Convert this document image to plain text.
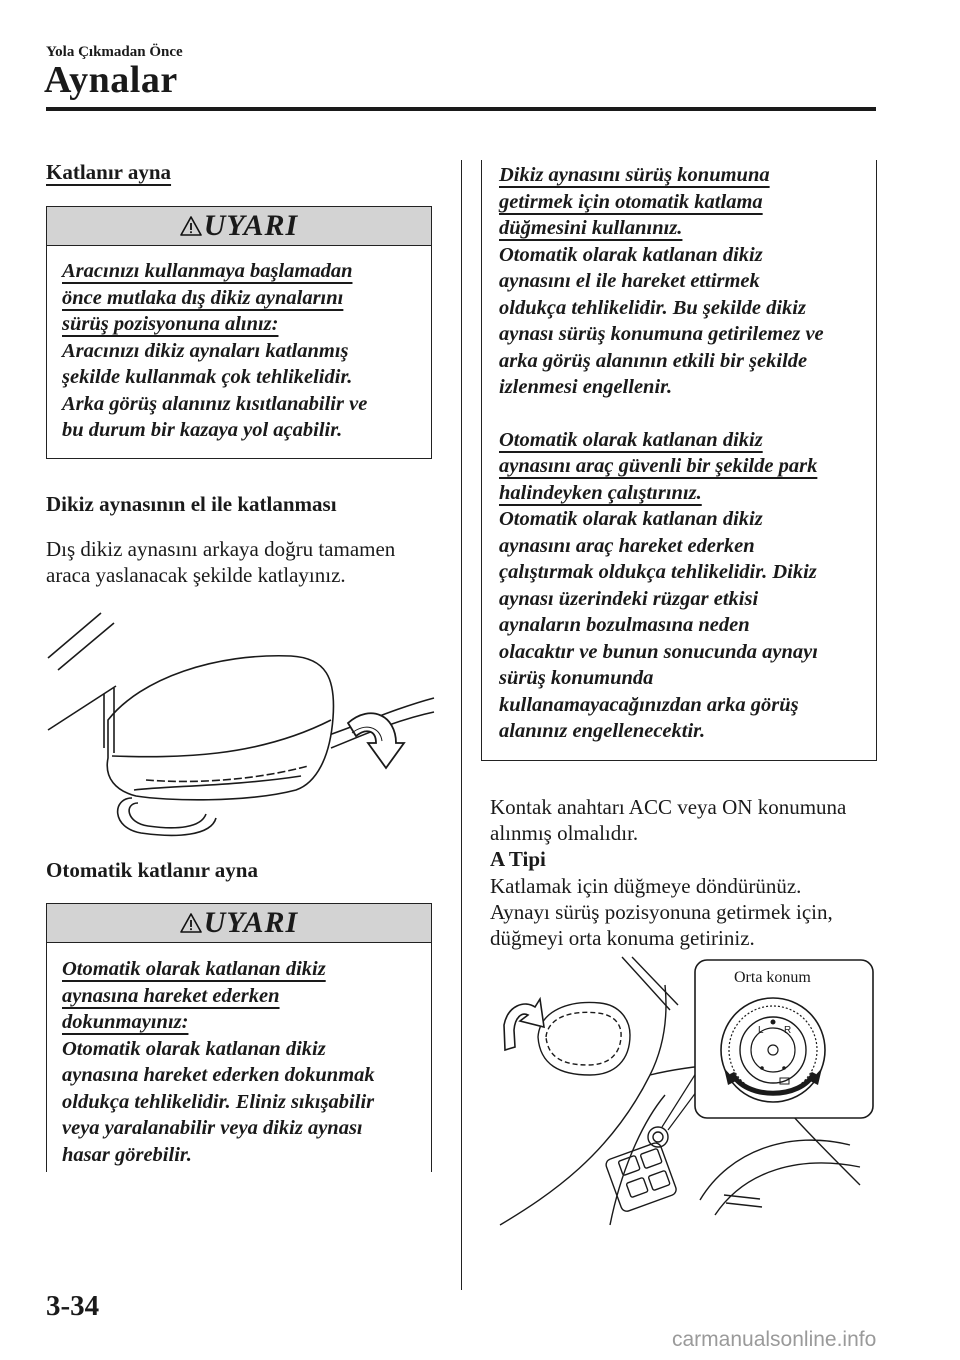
Yola Çıkmadan Önce
Aynalar
Katlanır ayna
UYARI
Aracınızı kullanmaya başlamadan
önce mutlaka dış dikiz aynalarını
sürüş pozisyonuna alınız:
Aracınızı dikiz aynaları katlanmış
şekilde kullanmak çok tehlikelidir.
Arka görüş alanınız kısıtlanabilir ve
bu durum bir kazaya yol açabilir.
Dikiz aynasının el ile katlanması
Dış dikiz aynasını arkaya doğru tamamen
araca yaslanacak şekilde katlayınız.
Otomatik katlanır ayna
UYARI
Otomatik olarak katlanan dikiz
aynasına hareket ederken
dokunmayınız:
Otomatik olarak katlanan dikiz
aynasına hareket ederken dokunmak
oldukça tehlikelidir. Eliniz sıkışabilir
veya yaralanabilir veya dikiz aynası
hasar görebilir.
Dikiz aynasını sürüş konumuna
getirmek için otomatik katlama
düğmesini kullanınız.
Otomatik olarak katlanan dikiz
aynasını el ile hareket ettirmek
oldukça tehlikelidir. Bu şekilde dikiz
aynası sürüş konumuna getirilemez ve
arka görüş alanının etkili bir şekilde
izlenmesi engellenir.
Otomatik olarak katlanan dikiz
aynasını araç güvenli bir şekilde park
halindeyken çalıştırınız.
Otomatik olarak katlanan dikiz
aynasını araç hareket ederken
çalıştırmak oldukça tehlikelidir. Dikiz
aynası üzerindeki rüzgar etkisi
aynaların bozulmasına neden
olacaktır ve bunun sonucunda aynayı
sürüş konumunda
kullanamayacağınızdan arka görüş
alanınız engellenecektir.
Kontak anahtarı ACC veya ON konumuna
alınmış olmalıdır.
A Tipi
Katlamak için düğmeye döndürünüz.
Aynayı sürüş pozisyonuna getirmek için,
düğmeyi orta konuma getiriniz.
L R
Orta konum
3-34
carmanualsonline.info
